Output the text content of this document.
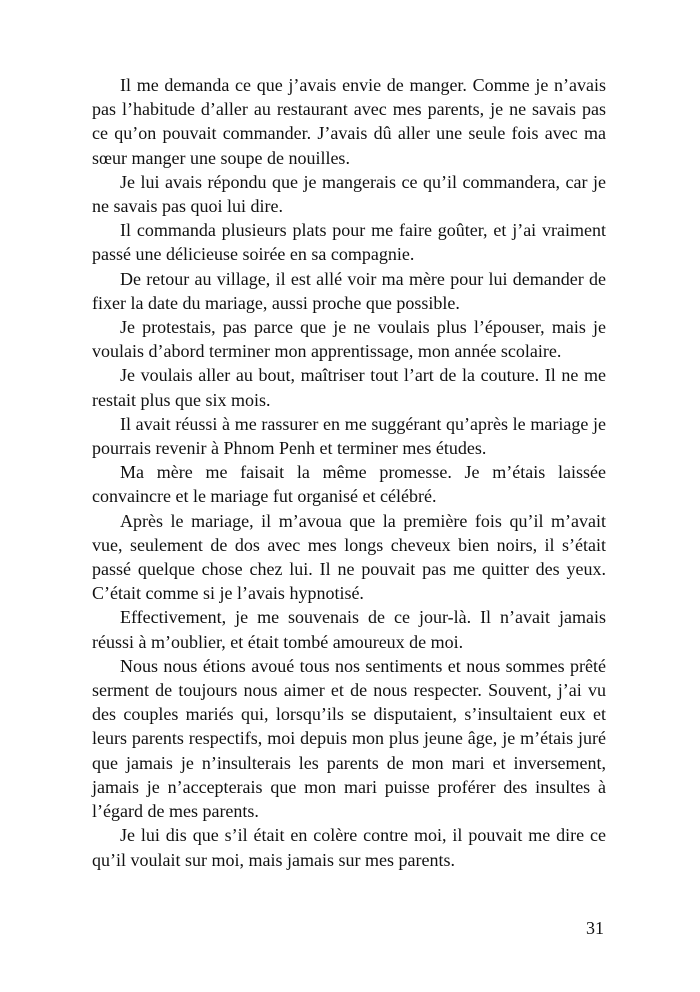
Il me demanda ce que j’avais envie de manger. Comme je n’avais pas l’habitude d’aller au restaurant avec mes parents, je ne savais pas ce qu’on pouvait commander. J’avais dû aller une seule fois avec ma sœur manger une soupe de nouilles.

Je lui avais répondu que je mangerais ce qu’il commandera, car je ne savais pas quoi lui dire.

Il commanda plusieurs plats pour me faire goûter, et j’ai vraiment passé une délicieuse soirée en sa compagnie.

De retour au village, il est allé voir ma mère pour lui demander de fixer la date du mariage, aussi proche que possible.

Je protestais, pas parce que je ne voulais plus l’épouser, mais je voulais d’abord terminer mon apprentissage, mon année scolaire.

Je voulais aller au bout, maîtriser tout l’art de la couture. Il ne me restait plus que six mois.

Il avait réussi à me rassurer en me suggérant qu’après le mariage je pourrais revenir à Phnom Penh et terminer mes études.

Ma mère me faisait la même promesse. Je m’étais laissée convaincre et le mariage fut organisé et célébré.

Après le mariage, il m’avoua que la première fois qu’il m’avait vue, seulement de dos avec mes longs cheveux bien noirs, il s’était passé quelque chose chez lui. Il ne pouvait pas me quitter des yeux. C’était comme si je l’avais hypnotisé.

Effectivement, je me souvenais de ce jour-là. Il n’avait jamais réussi à m’oublier, et était tombé amoureux de moi.

Nous nous étions avoué tous nos sentiments et nous sommes prêté serment de toujours nous aimer et de nous respecter. Souvent, j’ai vu des couples mariés qui, lorsqu’ils se disputaient, s’insultaient eux et leurs parents respectifs, moi depuis mon plus jeune âge, je m’étais juré que jamais je n’insulterais les parents de mon mari et inversement, jamais je n’accepterais que mon mari puisse proférer des insultes à l’égard de mes parents.

Je lui dis que s’il était en colère contre moi, il pouvait me dire ce qu’il voulait sur moi, mais jamais sur mes parents.

31
